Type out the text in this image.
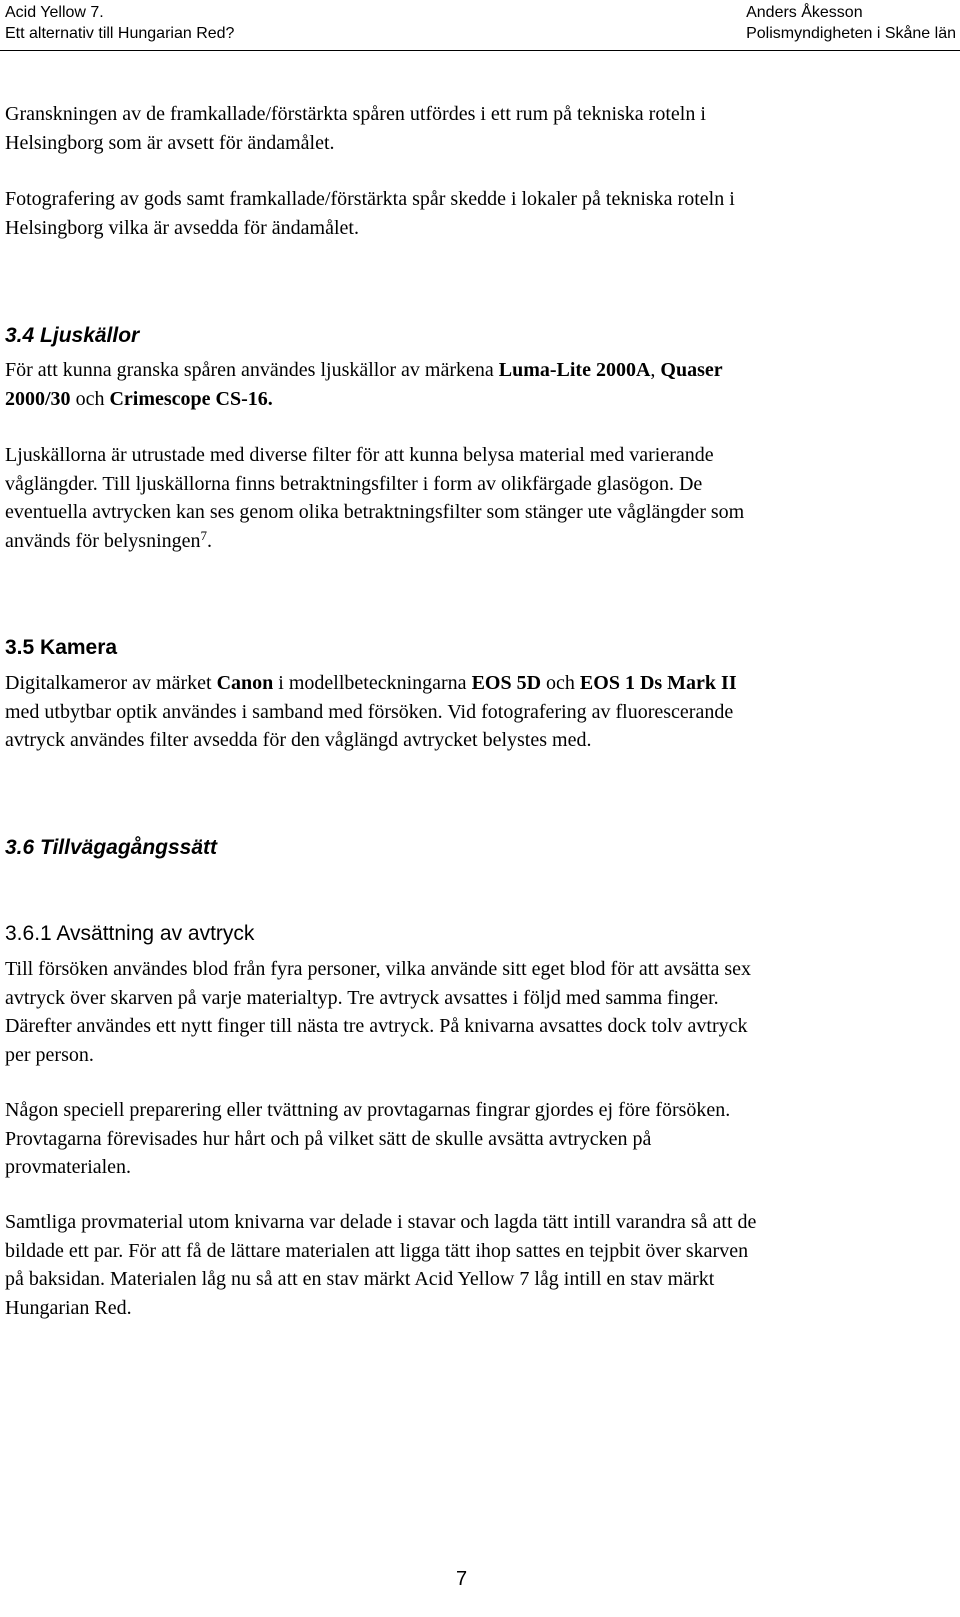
Acid Yellow 7.
Ett alternativ till Hungarian Red?
Anders Åkesson
Polismyndigheten i Skåne län
Granskningen av de framkallade/förstärkta spåren utfördes i ett rum på tekniska roteln i
Helsingborg som är avsett för ändamålet.
Fotografering av gods samt framkallade/förstärkta spår skedde i lokaler på tekniska roteln i
Helsingborg vilka är avsedda för ändamålet.
3.4 Ljuskällor
För att kunna granska spåren användes ljuskällor av märkena Luma-Lite 2000A, Quaser
2000/30 och Crimescope CS-16.
Ljuskällorna är utrustade med diverse filter för att kunna belysa material med varierande
våglängder. Till ljuskällorna finns betraktningsfilter i form av olikfärgade glasögon. De
eventuella avtrycken kan ses genom olika betraktningsfilter som stänger ute våglängder som
används för belysningen$^7$.
3.5 Kamera
Digitalkameror av märket Canon i modellbeteckningarna EOS 5D och EOS 1 Ds Mark II
med utbytbar optik användes i samband med försöken. Vid fotografering av fluorescerande
avtryck användes filter avsedda för den våglängd avtrycket belystes med.
3.6 Tillvägagångssätt
3.6.1 Avsättning av avtryck
Till försöken användes blod från fyra personer, vilka använde sitt eget blod för att avsätta sex
avtryck över skarven på varje materialtyp. Tre avtryck avsattes i följd med samma finger.
Därefter användes ett nytt finger till nästa tre avtryck. På knivarna avsattes dock tolv avtryck
per person.
Någon speciell preparering eller tvättning av provtagarnas fingrar gjordes ej före försöken.
Provtagarna förevisades hur hårt och på vilket sätt de skulle avsätta avtrycken på
provmaterialen.
Samtliga provmaterial utom knivarna var delade i stavar och lagda tätt intill varandra så att de
bildade ett par. För att få de lättare materialen att ligga tätt ihop sattes en tejpbit över skarven
på baksidan. Materialen låg nu så att en stav märkt Acid Yellow 7 låg intill en stav märkt
Hungarian Red.
7
